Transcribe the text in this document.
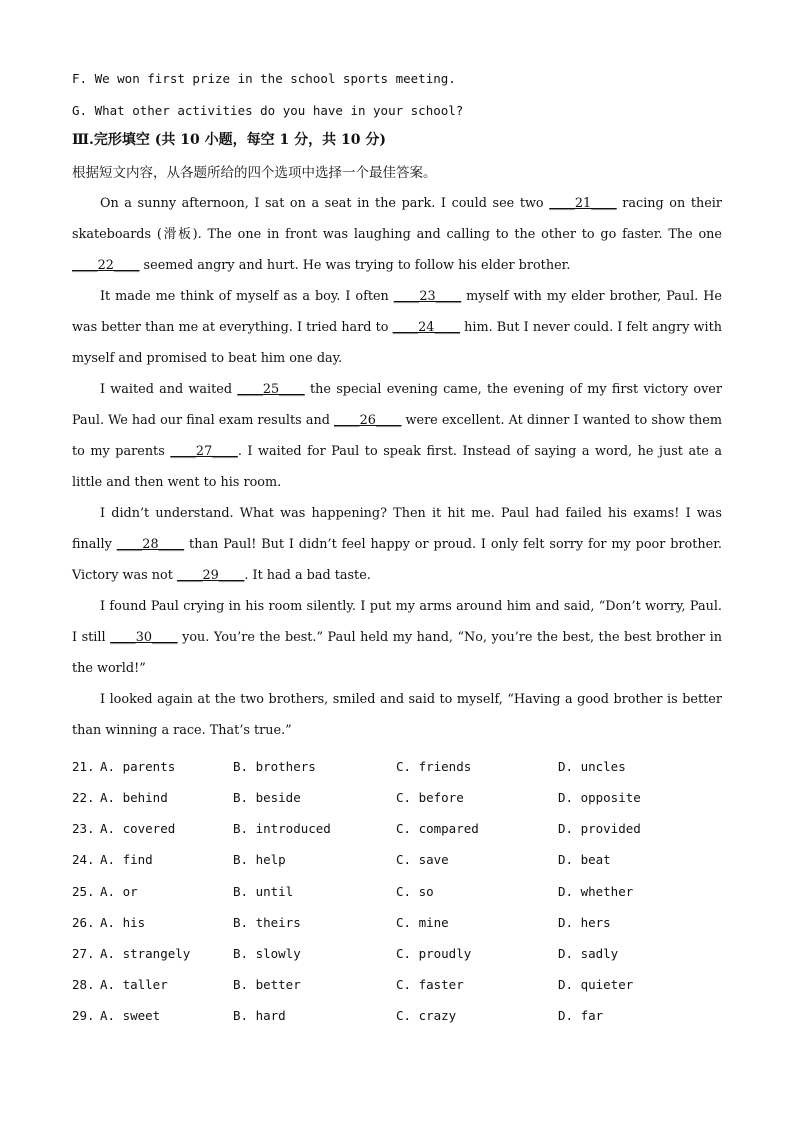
F. We won first prize in the school sports meeting.
G. What other activities do you have in your school?
Ⅲ.完形填空 (共 10 小题，每空 1 分，共 10 分)
根据短文内容，从各题所给的四个选项中选择一个最佳答案。

On a sunny afternoon, I sat on a seat in the park. I could see two ____21____ racing on their skateboards (滑板). The one in front was laughing and calling to the other to go faster. The one ____22____ seemed angry and hurt. He was trying to follow his elder brother.

It made me think of myself as a boy. I often ____23____ myself with my elder brother, Paul. He was better than me at everything. I tried hard to ____24____ him. But I never could. I felt angry with myself and promised to beat him one day.

I waited and waited ____25____ the special evening came, the evening of my first victory over Paul. We had our final exam results and ____26____ were excellent. At dinner I wanted to show them to my parents ____27____. I waited for Paul to speak first. Instead of saying a word, he just ate a little and then went to his room.

I didn’t understand. What was happening? Then it hit me. Paul had failed his exams! I was finally ____28____ than Paul! But I didn’t feel happy or proud. I only felt sorry for my poor brother. Victory was not ____29____. It had a bad taste.

I found Paul crying in his room silently. I put my arms around him and said, “Don’t worry, Paul. I still ____30____ you. You’re the best.” Paul held my hand, “No, you’re the best, the best brother in the world!”

I looked again at the two brothers, smiled and said to myself, “Having a good brother is better than winning a race. That’s true.”

21.

A. parents

	B. brothers

	C. friends

	D. uncles

22.

A. behind

	B. beside

	C. before

	D. opposite

23.

A. covered

	B. introduced

	C. compared

	D. provided

24.

A. find

	B. help

	C. save

	D. beat

25.

A. or

	B. until

	C. so

	D. whether

26.

A. his

	B. theirs

	C. mine

	D. hers

27.

A. strangely

	B. slowly

	C. proudly

	D. sadly

28.

A. taller

	B. better

	C. faster

	D. quieter

29.

A. sweet

	B. hard

	C. crazy

	D. far
